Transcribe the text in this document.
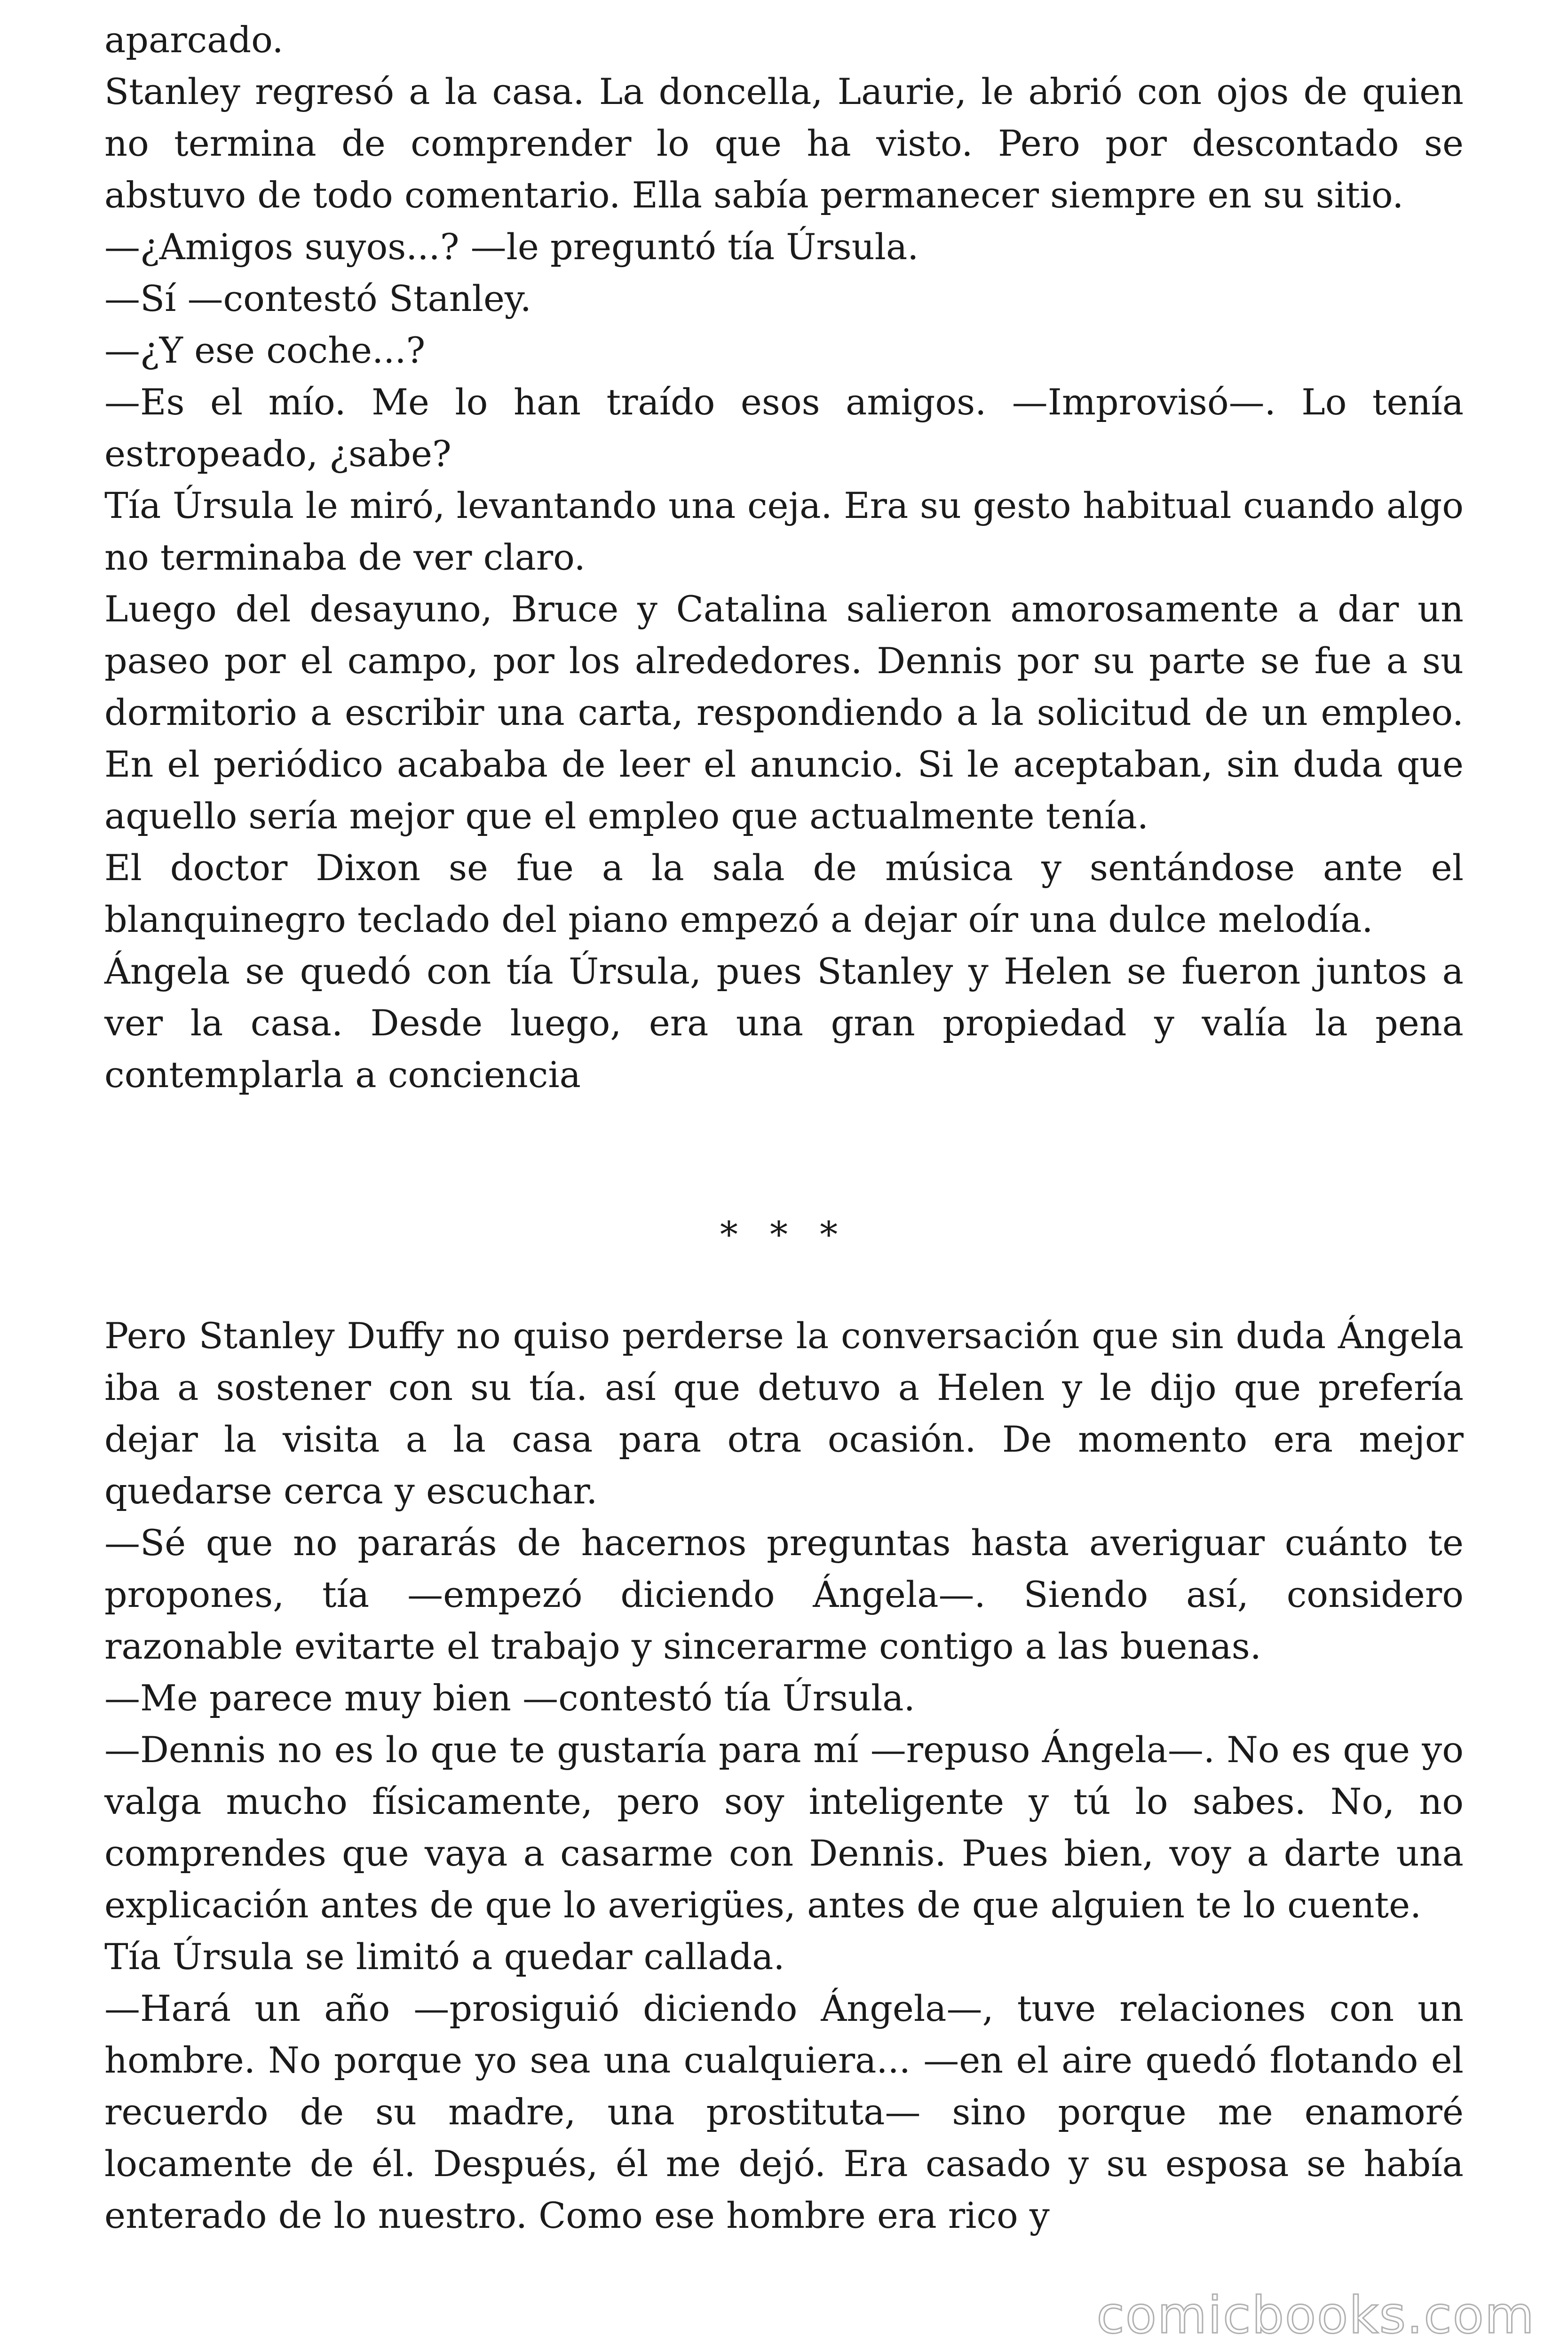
aparcado.

Stanley regresó a la casa. La doncella, Laurie, le abrió con ojos de quien no termina de comprender lo que ha visto. Pero por descontado se abstuvo de todo comentario. Ella sabía permanecer siempre en su sitio.

—¿Amigos suyos...? —le preguntó tía Úrsula.

—Sí —contestó Stanley.

—¿Y ese coche...?

—Es el mío. Me lo han traído esos amigos. —Improvisó—. Lo tenía estropeado, ¿sabe?

Tía Úrsula le miró, levantando una ceja. Era su gesto habitual cuando algo no terminaba de ver claro.

Luego del desayuno, Bruce y Catalina salieron amorosamente a dar un paseo por el campo, por los alrededores. Dennis por su parte se fue a su dormitorio a escribir una carta, respondiendo a la solicitud de un empleo. En el periódico acababa de leer el anuncio. Si le aceptaban, sin duda que aquello sería mejor que el empleo que actualmente tenía.

El doctor Dixon se fue a la sala de música y sentándose ante el blanquinegro teclado del piano empezó a dejar oír una dulce melodía.

Ángela se quedó con tía Úrsula, pues Stanley y Helen se fueron juntos a ver la casa. Desde luego, era una gran propiedad y valía la pena contemplarla a conciencia

* * *

Pero Stanley Duffy no quiso perderse la conversación que sin duda Ángela iba a sostener con su tía. así que detuvo a Helen y le dijo que prefería dejar la visita a la casa para otra ocasión. De momento era mejor quedarse cerca y escuchar.

—Sé que no pararás de hacernos preguntas hasta averiguar cuánto te propones, tía —empezó diciendo Ángela—. Siendo así, considero razonable evitarte el trabajo y sincerarme contigo a las buenas.

—Me parece muy bien —contestó tía Úrsula.

—Dennis no es lo que te gustaría para mí —repuso Ángela—. No es que yo valga mucho físicamente, pero soy inteligente y tú lo sabes. No, no comprendes que vaya a casarme con Dennis. Pues bien, voy a darte una explicación antes de que lo averigües, antes de que alguien te lo cuente.

Tía Úrsula se limitó a quedar callada.

—Hará un año —prosiguió diciendo Ángela—, tuve relaciones con un hombre. No porque yo sea una cualquiera... —en el aire quedó flotando el recuerdo de su madre, una prostituta— sino porque me enamoré locamente de él. Después, él me dejó. Era casado y su esposa se había enterado de lo nuestro. Como ese hombre era rico y

comicbooks.com
